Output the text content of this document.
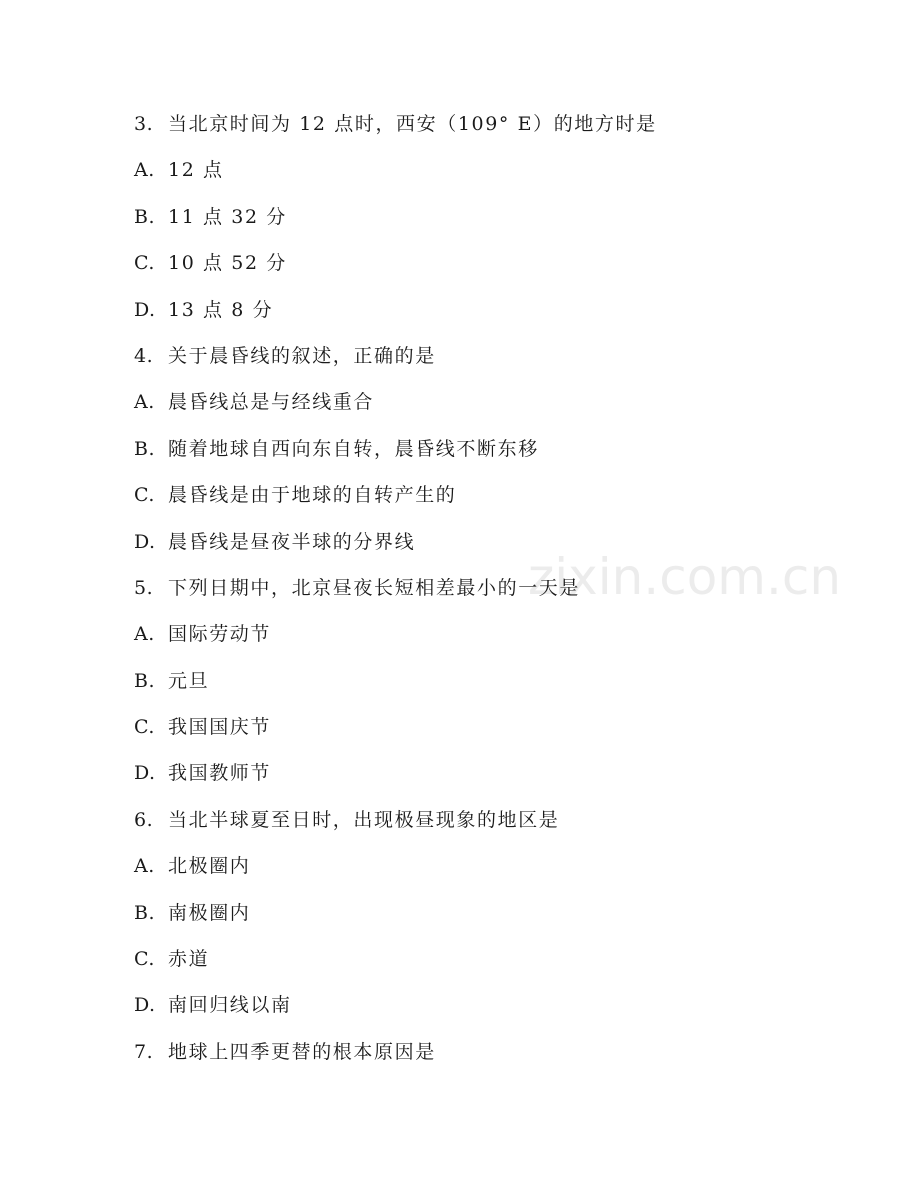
3. 当北京时间为 12 点时，西安（109° E）的地方时是
A. 12 点
B. 11 点 32 分
C. 10 点 52 分
D. 13 点 8 分
4. 关于晨昏线的叙述，正确的是
A. 晨昏线总是与经线重合
B. 随着地球自西向东自转，晨昏线不断东移
C. 晨昏线是由于地球的自转产生的
D. 晨昏线是昼夜半球的分界线
5. 下列日期中，北京昼夜长短相差最小的一天是
A. 国际劳动节
B. 元旦
C. 我国国庆节
D. 我国教师节
6. 当北半球夏至日时，出现极昼现象的地区是
A. 北极圈内
B. 南极圈内
C. 赤道
D. 南回归线以南
7. 地球上四季更替的根本原因是
zixin.com.cn
